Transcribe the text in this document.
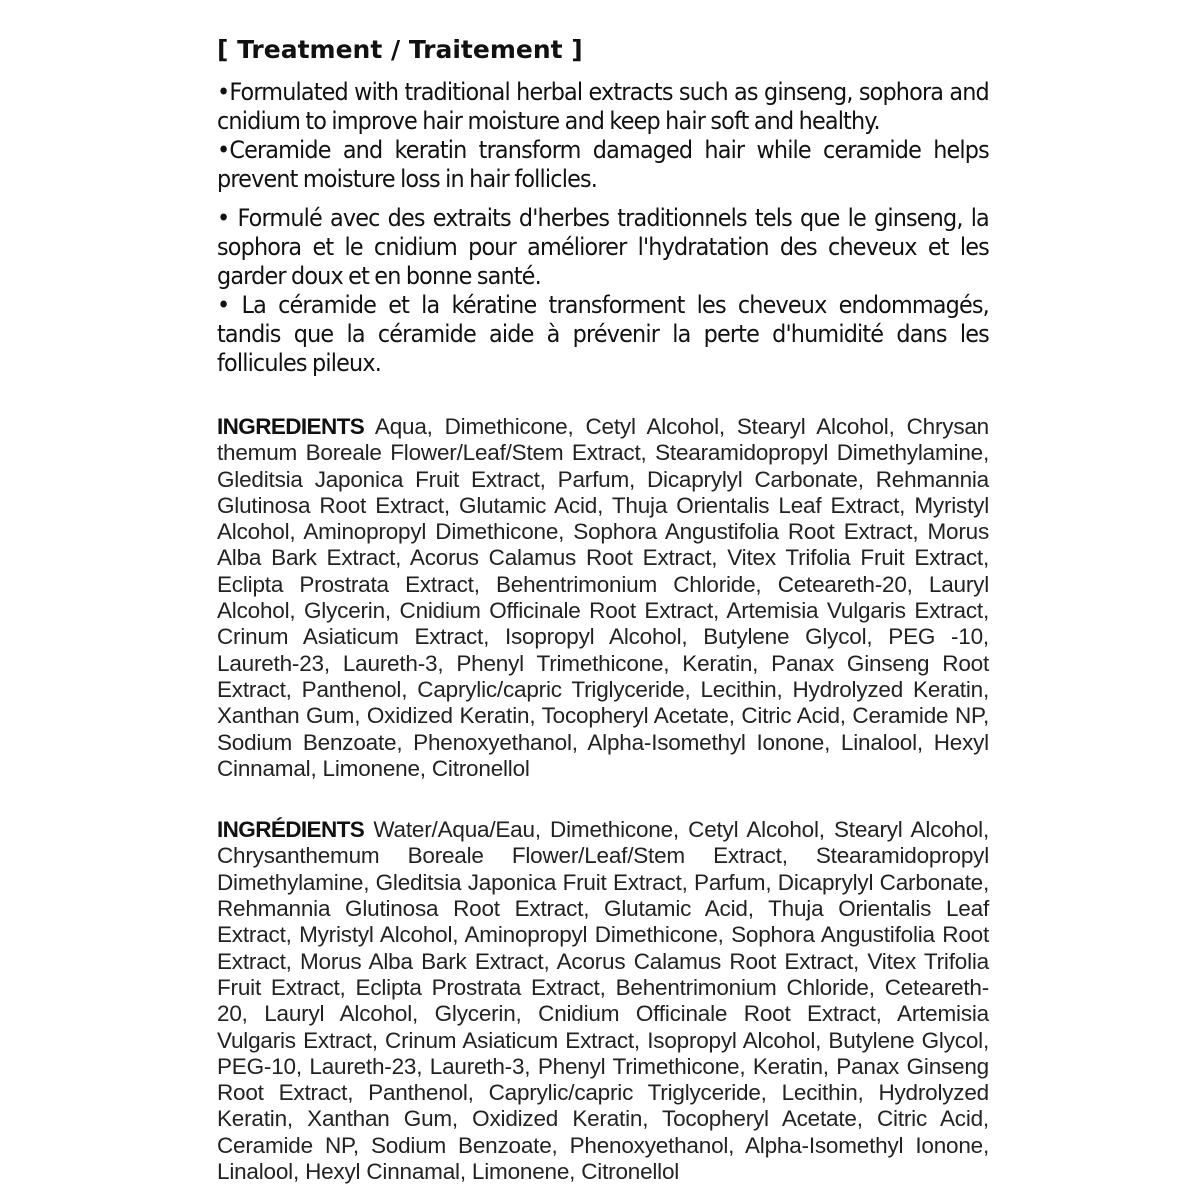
[ Treatment / Traitement ]

•Formulated with traditional herbal extracts such as ginseng, sophora and cnidium to improve hair moisture and keep hair soft and healthy.

•Ceramide and keratin transform damaged hair while ceramide helps prevent moisture loss in hair follicles.

• Formulé avec des extraits d'herbes traditionnels tels que le ginseng, la sophora et le cnidium pour améliorer l'hydratation des cheveux et les garder doux et en bonne santé.

• La céramide et la kératine transforment les cheveux endommagés, tandis que la céramide aide à prévenir la perte d'humidité dans les follicules pileux.

INGREDIENTS Aqua, Dimethicone, Cetyl Alcohol, Stearyl Alcohol, Chrysan themum Boreale Flower/Leaf/Stem Extract, Stearamidopropyl Dimethylamine, Gleditsia Japonica Fruit Extract, Parfum, Dicaprylyl Carbonate, Rehmannia Glutinosa Root Extract, Glutamic Acid, Thuja Orientalis Leaf Extract, Myristyl Alcohol, Aminopropyl Dimethicone, Sophora Angustifolia Root Extract, Morus Alba Bark Extract, Acorus Calamus Root Extract, Vitex Trifolia Fruit Extract, Eclipta Prostrata Extract, Behentrimonium Chloride, Ceteareth-20, Lauryl Alcohol, Glycerin, Cnidium Officinale Root Extract, Artemisia Vulgaris Extract, Crinum Asiaticum Extract, Isopropyl Alcohol, Butylene Glycol, PEG -10, Laureth-23, Laureth-3, Phenyl Trimethicone, Keratin, Panax Ginseng Root Extract, Panthenol, Caprylic/capric Triglyceride, Lecithin, Hydrolyzed Keratin, Xanthan Gum, Oxidized Keratin, Tocopheryl Acetate, Citric Acid, Ceramide NP, Sodium Benzoate, Phenoxyethanol, Alpha-Isomethyl Ionone, Linalool, Hexyl Cinnamal, Limonene, Citronellol

INGRÉDIENTS Water/Aqua/Eau, Dimethicone, Cetyl Alcohol, Stearyl Alcohol, Chrysanthemum Boreale Flower/Leaf/Stem Extract, Stearamidopropyl Dimethylamine, Gleditsia Japonica Fruit Extract, Parfum, Dicaprylyl Carbonate, Rehmannia Glutinosa Root Extract, Glutamic Acid, Thuja Orientalis Leaf Extract, Myristyl Alcohol, Aminopropyl Dimethicone, Sophora Angustifolia Root Extract, Morus Alba Bark Extract, Acorus Calamus Root Extract, Vitex Trifolia Fruit Extract, Eclipta Prostrata Extract, Behentrimonium Chloride, Ceteareth-20, Lauryl Alcohol, Glycerin, Cnidium Officinale Root Extract, Artemisia Vulgaris Extract, Crinum Asiaticum Extract, Isopropyl Alcohol, Butylene Glycol, PEG-10, Laureth-23, Laureth-3, Phenyl Trimethicone, Keratin, Panax Ginseng Root Extract, Panthenol, Caprylic/capric Triglyceride, Lecithin, Hydrolyzed Keratin, Xanthan Gum, Oxidized Keratin, Tocopheryl Acetate, Citric Acid, Ceramide NP, Sodium Benzoate, Phenoxyethanol, Alpha-Isomethyl Ionone, Linalool, Hexyl Cinnamal, Limonene, Citronellol
